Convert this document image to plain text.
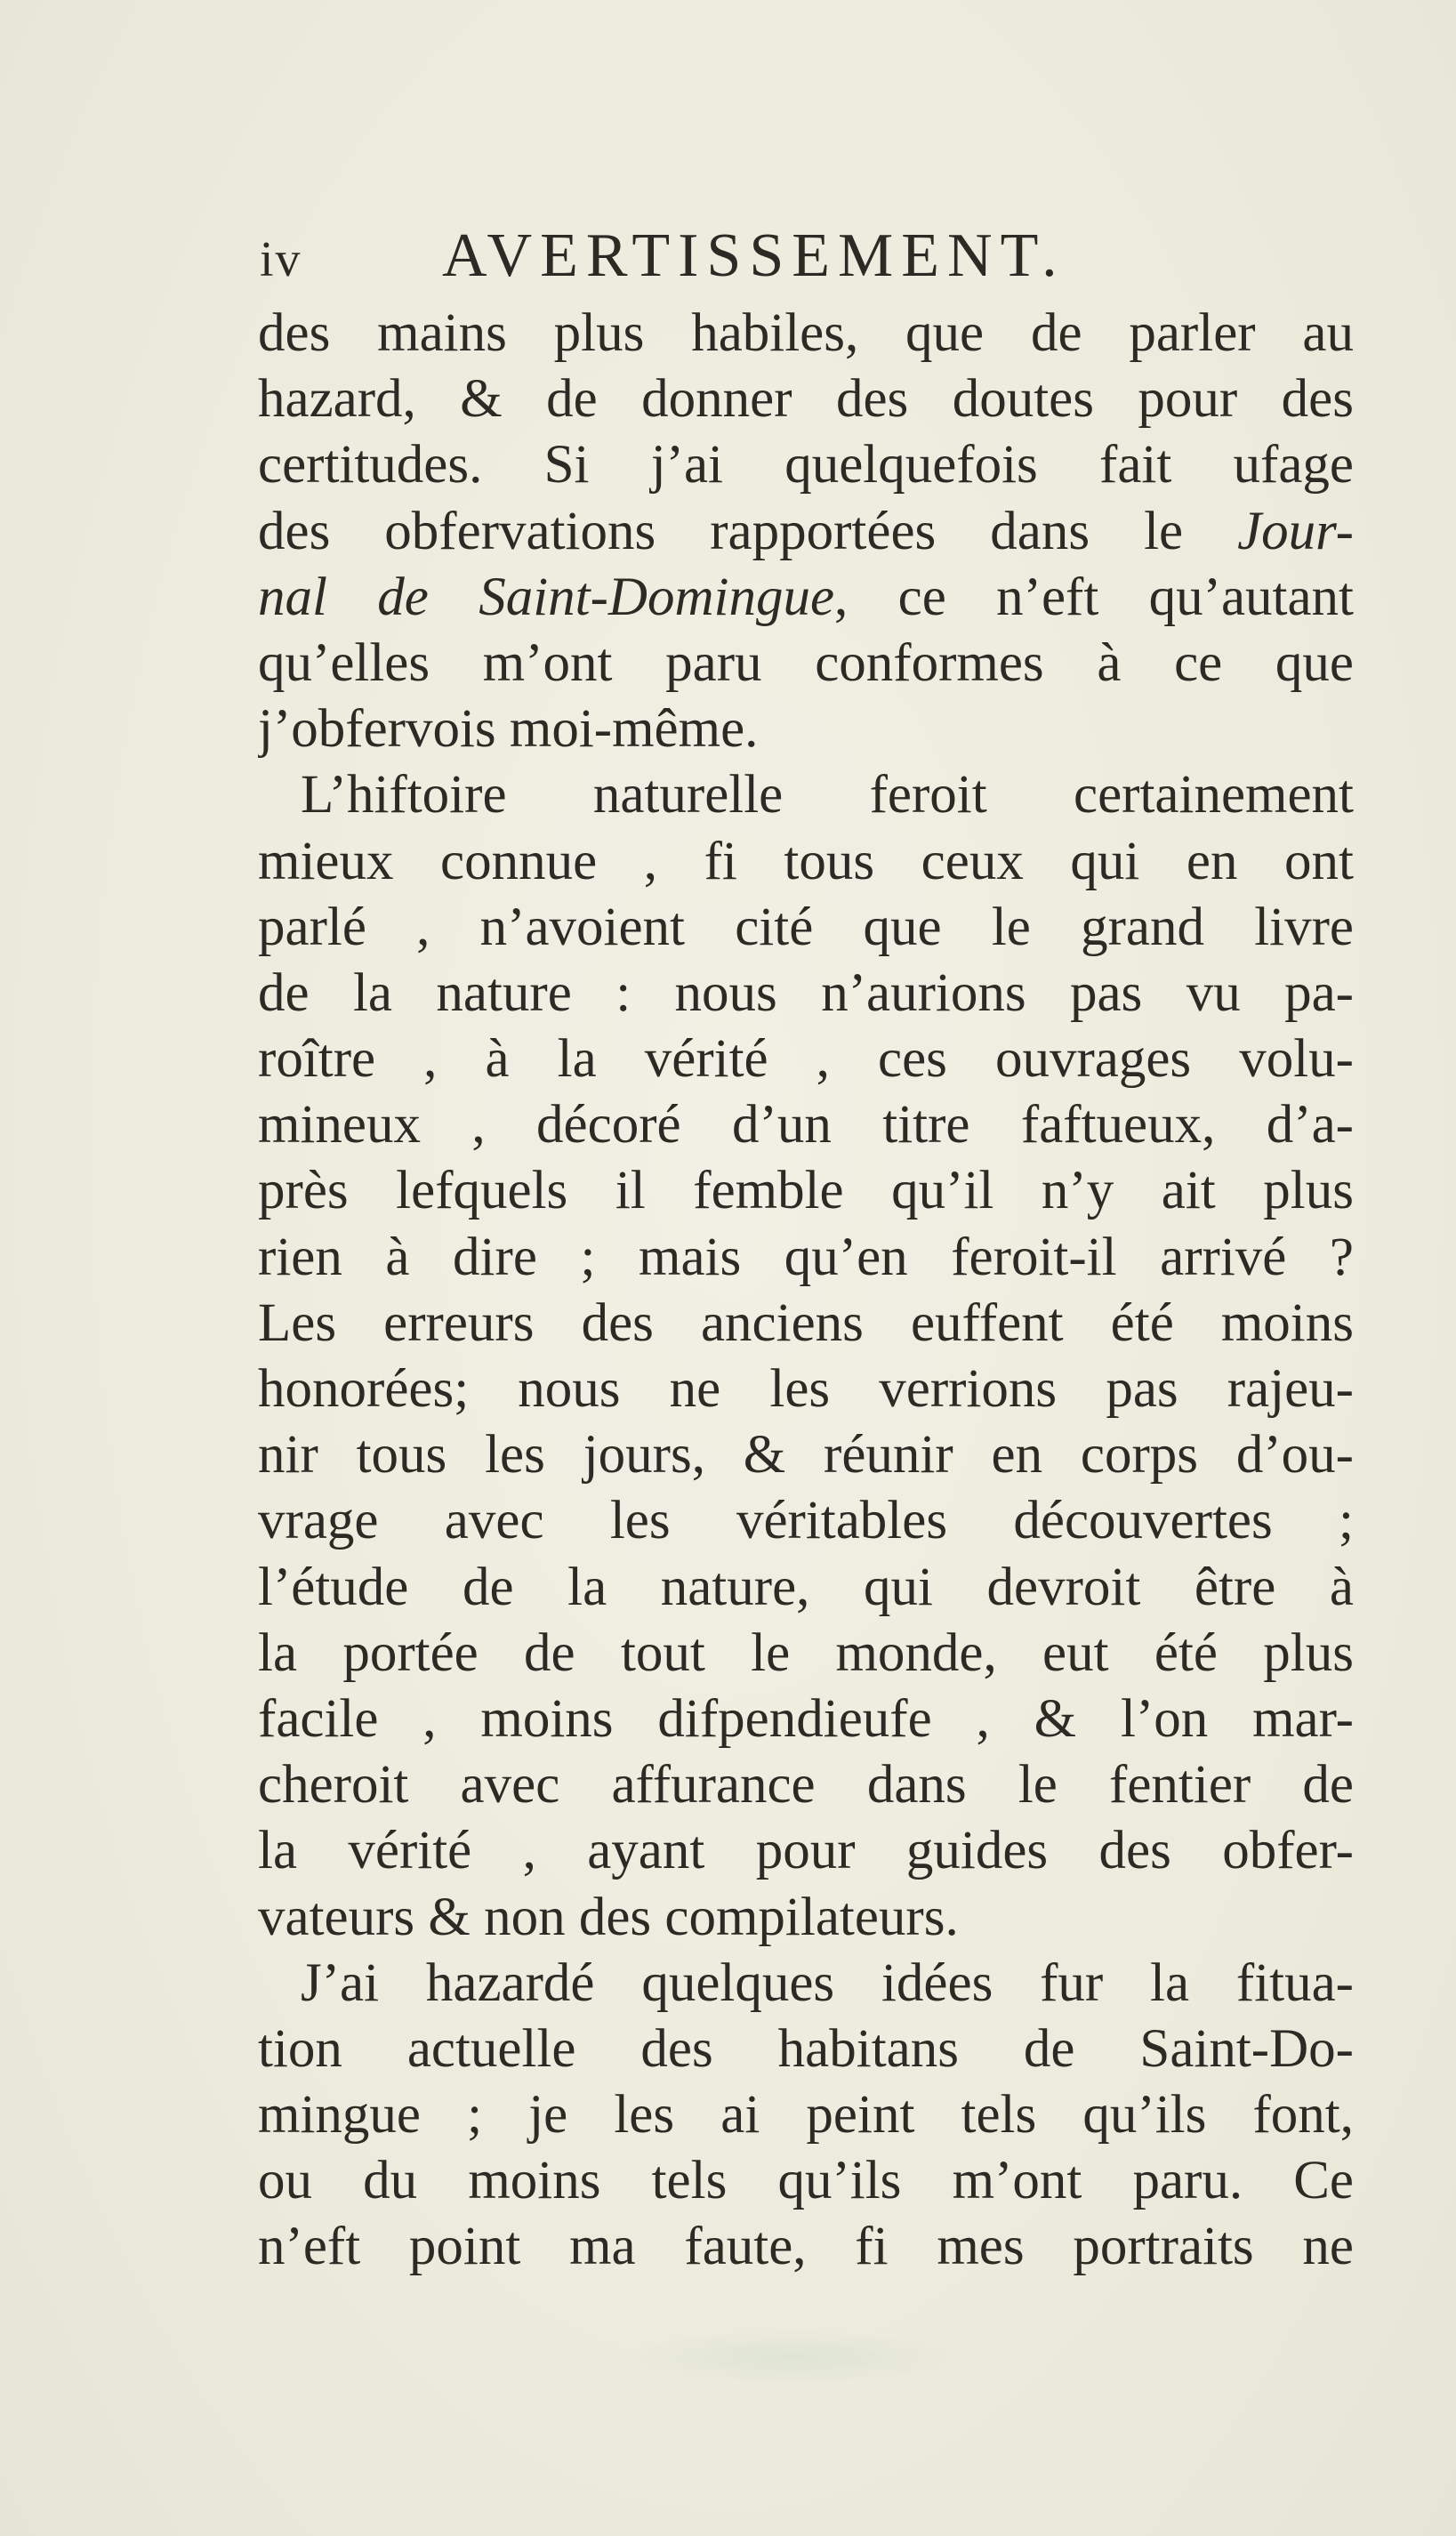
iv AVERTISSEMENT.
des mains plus habiles, que de parler au
hazard, & de donner des doutes pour des
certitudes. Si j’ai quelquefois fait ufage
des obfervations rapportées dans le Jour-
nal de Saint-Domingue, ce n’eft qu’autant
qu’elles m’ont paru conformes à ce que
j’obfervois moi-même.
L’hiftoire naturelle feroit certainement
mieux connue , fi tous ceux qui en ont
parlé , n’avoient cité que le grand livre
de la nature : nous n’aurions pas vu pa-
roître , à la vérité , ces ouvrages volu-
mineux , décoré d’un titre faftueux, d’a-
près lefquels il femble qu’il n’y ait plus
rien à dire ; mais qu’en feroit-il arrivé ?
Les erreurs des anciens euffent été moins
honorées; nous ne les verrions pas rajeu-
nir tous les jours, & réunir en corps d’ou-
vrage avec les véritables découvertes ;
l’étude de la nature, qui devroit être à
la portée de tout le monde, eut été plus
facile , moins difpendieufe , & l’on mar-
cheroit avec affurance dans le fentier de
la vérité , ayant pour guides des obfer-
vateurs & non des compilateurs.
J’ai hazardé quelques idées fur la fitua-
tion actuelle des habitans de Saint-Do-
mingue ; je les ai peint tels qu’ils font,
ou du moins tels qu’ils m’ont paru. Ce
n’eft point ma faute, fi mes portraits ne
